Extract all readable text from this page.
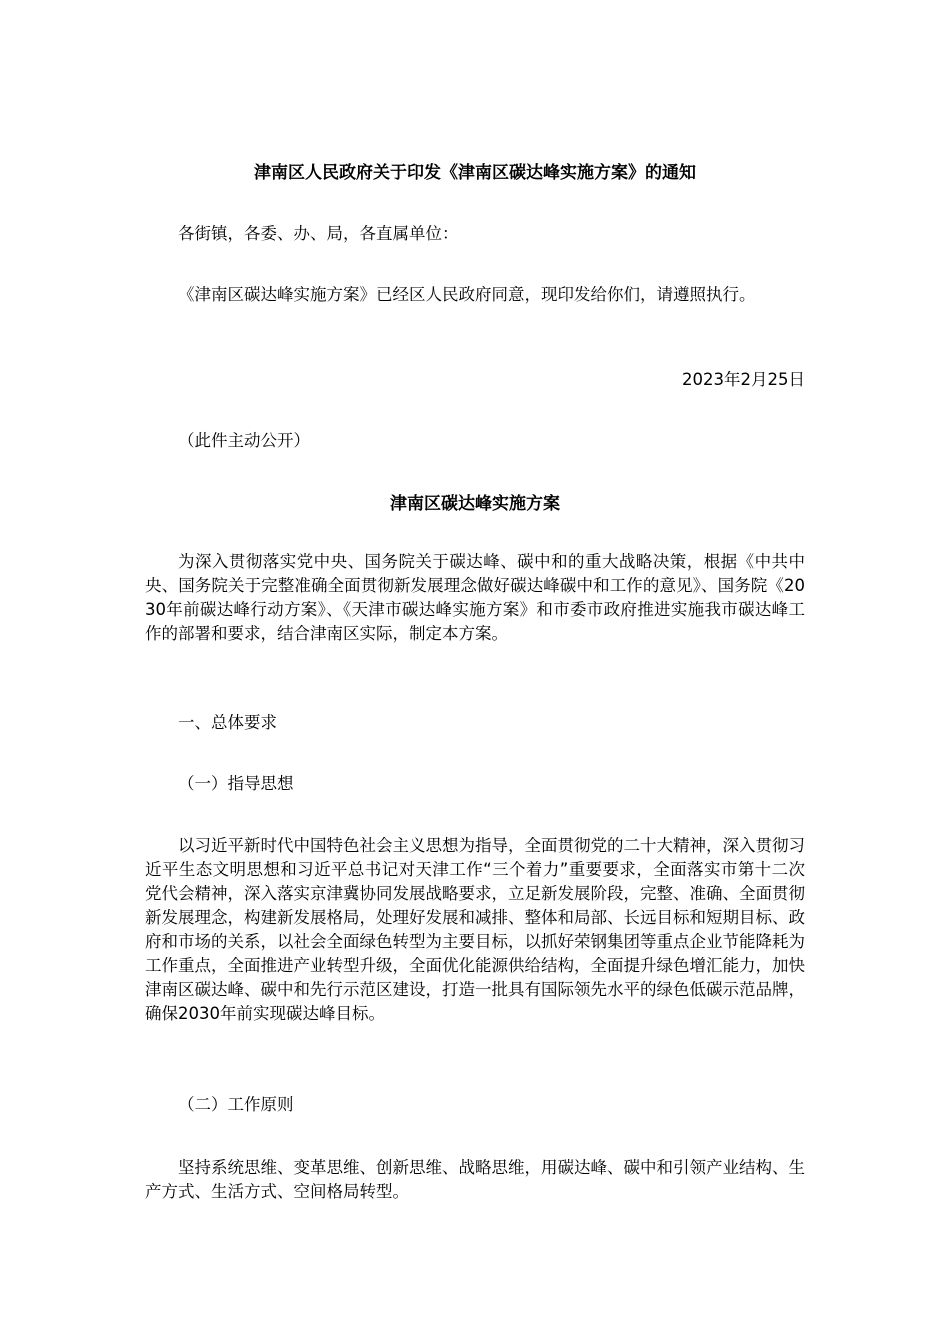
津南区人民政府关于印发《津南区碳达峰实施方案》的通知

各街镇，各委、办、局，各直属单位：

《津南区碳达峰实施方案》已经区人民政府同意，现印发给你们，请遵照执行。

2023年2月25日

（此件主动公开）

津南区碳达峰实施方案

为深入贯彻落实党中央、国务院关于碳达峰、碳中和的重大战略决策，根据《中共中央、国务院关于完整准确全面贯彻新发展理念做好碳达峰碳中和工作的意见》、国务院《2030年前碳达峰行动方案》、《天津市碳达峰实施方案》和市委市政府推进实施我市碳达峰工作的部署和要求，结合津南区实际，制定本方案。

一、总体要求

（一）指导思想

以习近平新时代中国特色社会主义思想为指导，全面贯彻党的二十大精神，深入贯彻习近平生态文明思想和习近平总书记对天津工作“三个着力”重要要求，全面落实市第十二次党代会精神，深入落实京津冀协同发展战略要求，立足新发展阶段，完整、准确、全面贯彻新发展理念，构建新发展格局，处理好发展和减排、整体和局部、长远目标和短期目标、政府和市场的关系，以社会全面绿色转型为主要目标，以抓好荣钢集团等重点企业节能降耗为工作重点，全面推进产业转型升级，全面优化能源供给结构，全面提升绿色增汇能力，加快津南区碳达峰、碳中和先行示范区建设，打造一批具有国际领先水平的绿色低碳示范品牌，确保2030年前实现碳达峰目标。

（二）工作原则

坚持系统思维、变革思维、创新思维、战略思维，用碳达峰、碳中和引领产业结构、生产方式、生活方式、空间格局转型。
